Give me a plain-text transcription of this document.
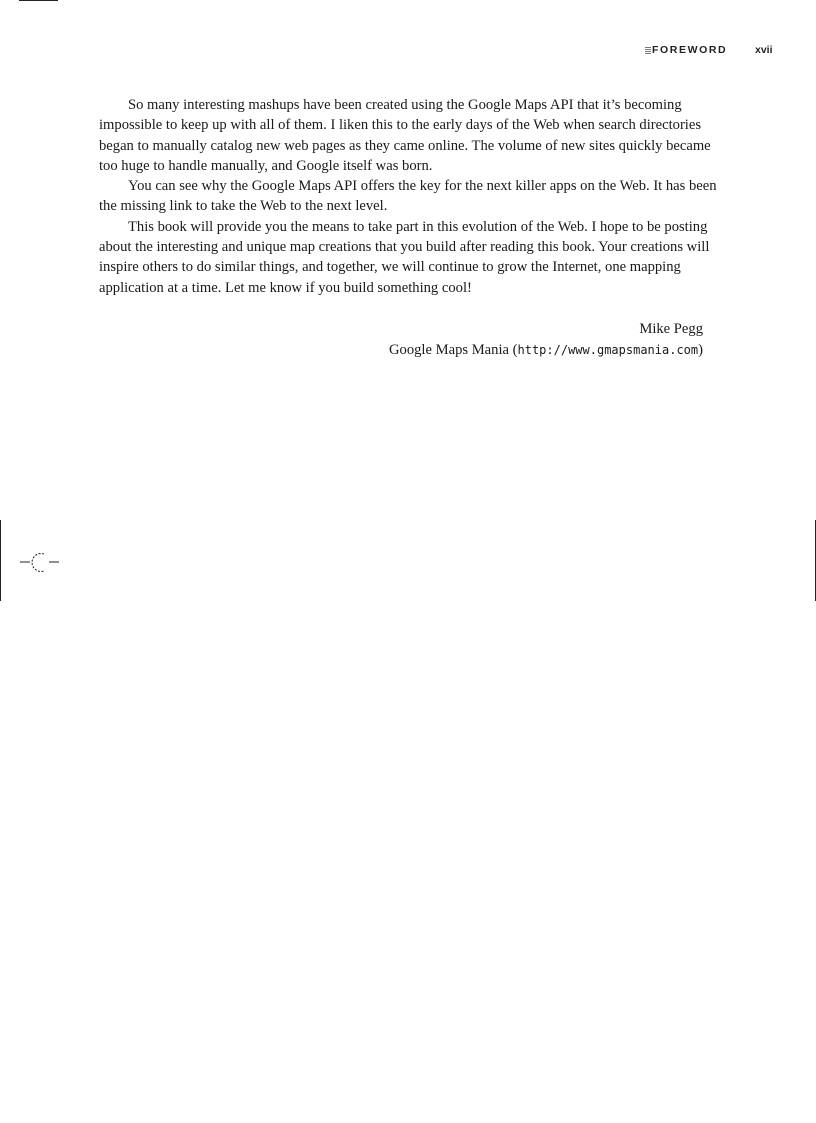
FOREWORD	xvii

So many interesting mashups have been created using the Google Maps API that it’s becoming impossible to keep up with all of them. I liken this to the early days of the Web when search directories began to manually catalog new web pages as they came online. The volume of new sites quickly became too huge to handle manually, and Google itself was born.

You can see why the Google Maps API offers the key for the next killer apps on the Web. It has been the missing link to take the Web to the next level.

This book will provide you the means to take part in this evolution of the Web. I hope to be posting about the interesting and unique map creations that you build after reading this book. Your creations will inspire others to do similar things, and together, we will continue to grow the Internet, one mapping application at a time. Let me know if you build something cool!

Mike Pegg
Google Maps Mania (http://www.gmapsmania.com)
